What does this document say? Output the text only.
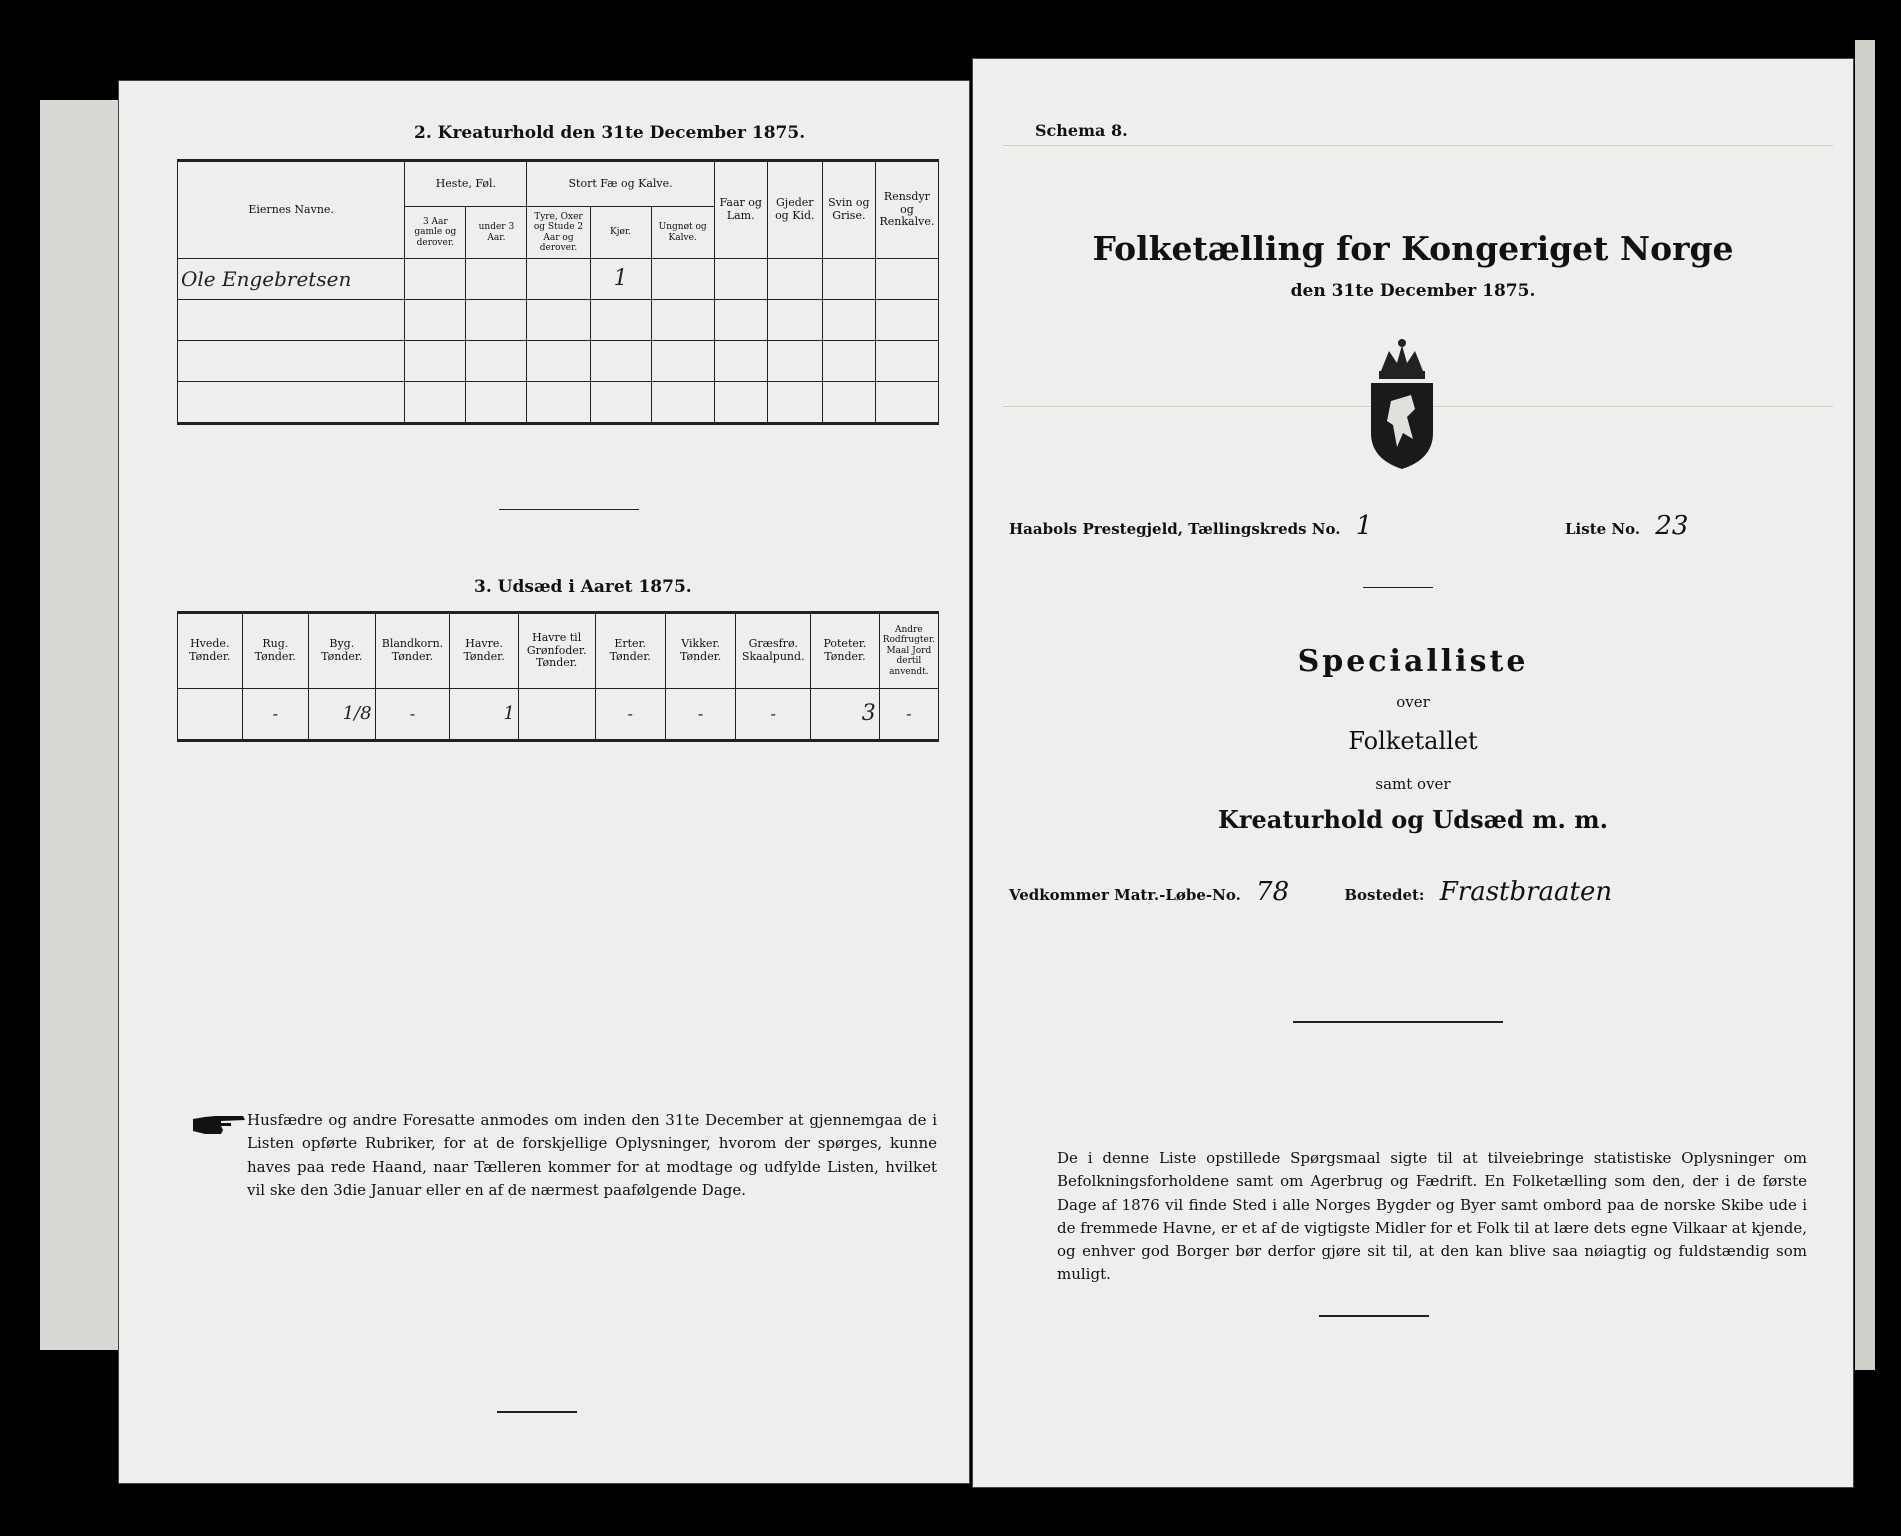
2. Kreaturhold den 31te December 1875.
Eiernes Navne.	Heste, Føl.		Stort Fæ og Kalve.			Faar og Lam.	Gjeder og Kid.	Svin og Grise.	Rensdyr og Renkalve.
	3 Aar gamle og derover.	under 3 Aar.	Tyre, Oxer og Stude 2 Aar og derover.	Kjør.	Ungnøt og Kalve.				
Ole Engebretsen				1					

3. Udsæd i Aaret 1875.
Hvede. Tønder.	Rug. Tønder.	Byg. Tønder.	Blandkorn. Tønder.	Havre. Tønder.	Havre til Grønfoder. Tønder.	Erter. Tønder.	Vikker. Tønder.	Græsfrø. Skaalpund.	Poteter. Tønder.	Andre Rodfrugter. Maal Jord dertil anvendt.
	-	1/8	-	1		-	-	-	3	-
Husfædre og andre Foresatte anmodes om inden den 31te December at gjennemgaa de i Listen opførte Rubriker, for at de forskjellige Oplysninger, hvorom der spørges, kunne haves paa rede Haand, naar Tælleren kommer for at modtage og udfylde Listen, hvilket vil ske den 3die Januar eller en af de nærmest paafølgende Dage.
Schema 8.
Folketælling for Kongeriget Norge
den 31te December 1875.
Haabols Prestegjeld, Tællingskreds No. 1	Liste No. 23
Specialliste
over
Folketallet
samt over
Kreaturhold og Udsæd m. m.
Vedkommer Matr.-Løbe-No. 78	Bostedet: Frastbraaten
De i denne Liste opstillede Spørgsmaal sigte til at tilveiebringe statistiske Oplysninger om Befolkningsforholdene samt om Agerbrug og Fædrift. En Folketælling som den, der i de første Dage af 1876 vil finde Sted i alle Norges Bygder og Byer samt ombord paa de norske Skibe ude i de fremmede Havne, er et af de vigtigste Midler for et Folk til at lære dets egne Vilkaar at kjende, og enhver god Borger bør derfor gjøre sit til, at den kan blive saa nøiagtig og fuldstændig som muligt.
